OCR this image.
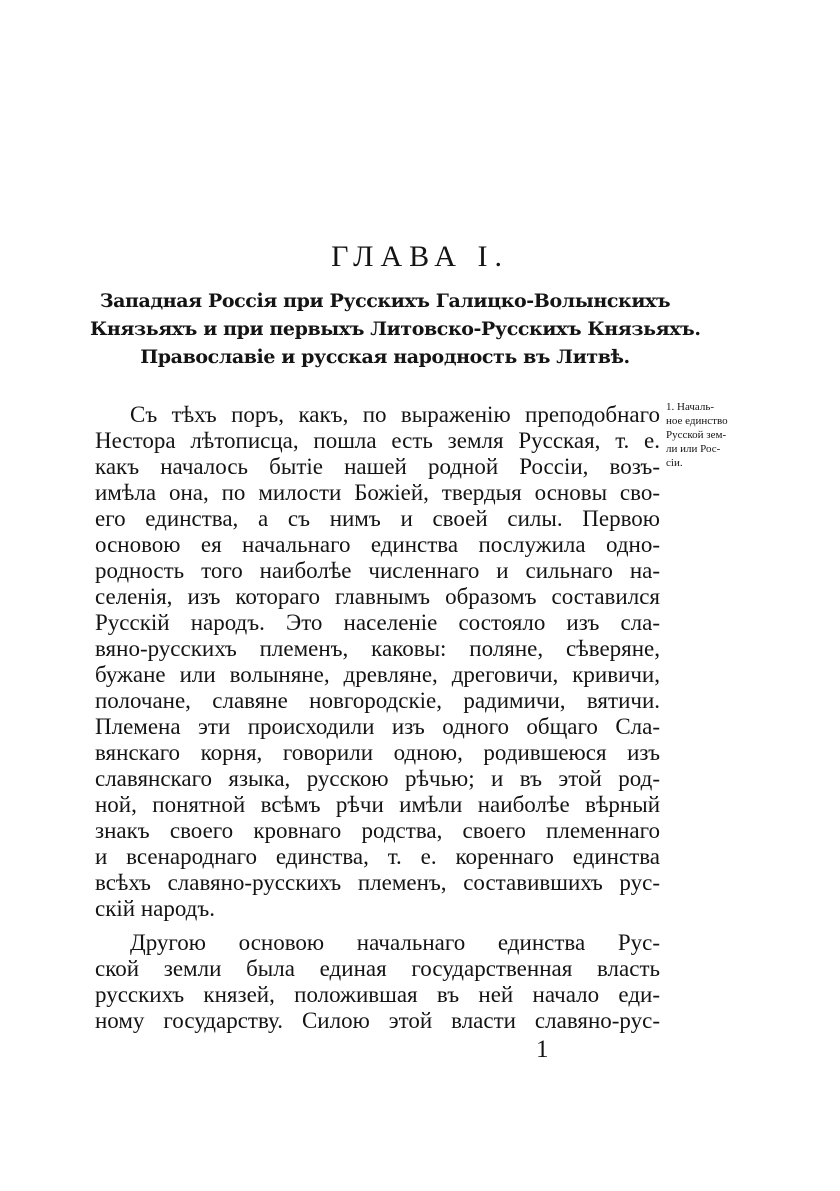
ГЛАВА I.
Западная Россія при Русскихъ Галицко-Волынскихъ
Князьяхъ и при первыхъ Литовско-Русскихъ Князьяхъ.
Православіе и русская народность въ Литвѣ.
Съ тѣхъ поръ, какъ, по выраженію преподобнаго
Нестора лѣтописца, пошла есть земля Русская, т. е.
какъ началось бытіе нашей родной Россіи, возъ-
имѣла она, по милости Божіей, твердыя основы сво-
его единства, а съ нимъ и своей силы. Первою
основою ея начальнаго единства послужила одно-
родность того наиболѣе численнаго и сильнаго на-
селенія, изъ котораго главнымъ образомъ составился
Русскій народъ. Это населеніе состояло изъ сла-
вяно-русскихъ племенъ, каковы: поляне, сѣверяне,
бужане или волыняне, древляне, дреговичи, кривичи,
полочане, славяне новгородскіе, радимичи, вятичи.
Племена эти происходили изъ одного общаго Сла-
вянскаго корня, говорили одною, родившеюся изъ
славянскаго языка, русскою рѣчью; и въ этой род-
ной, понятной всѣмъ рѣчи имѣли наиболѣе вѣрный
знакъ своего кровнаго родства, своего племеннаго
и всенароднаго единства, т. е. кореннаго единства
всѣхъ славяно-русскихъ племенъ, составившихъ рус-
скій народъ.
Другою основою начальнаго единства Рус-
ской земли была единая государственная власть
русскихъ князей, положившая въ ней начало еди-
ному государству. Силою этой власти славяно-рус-
1. Началь-
ное единство
Русской зем-
ли или Рос-
сіи.
1
